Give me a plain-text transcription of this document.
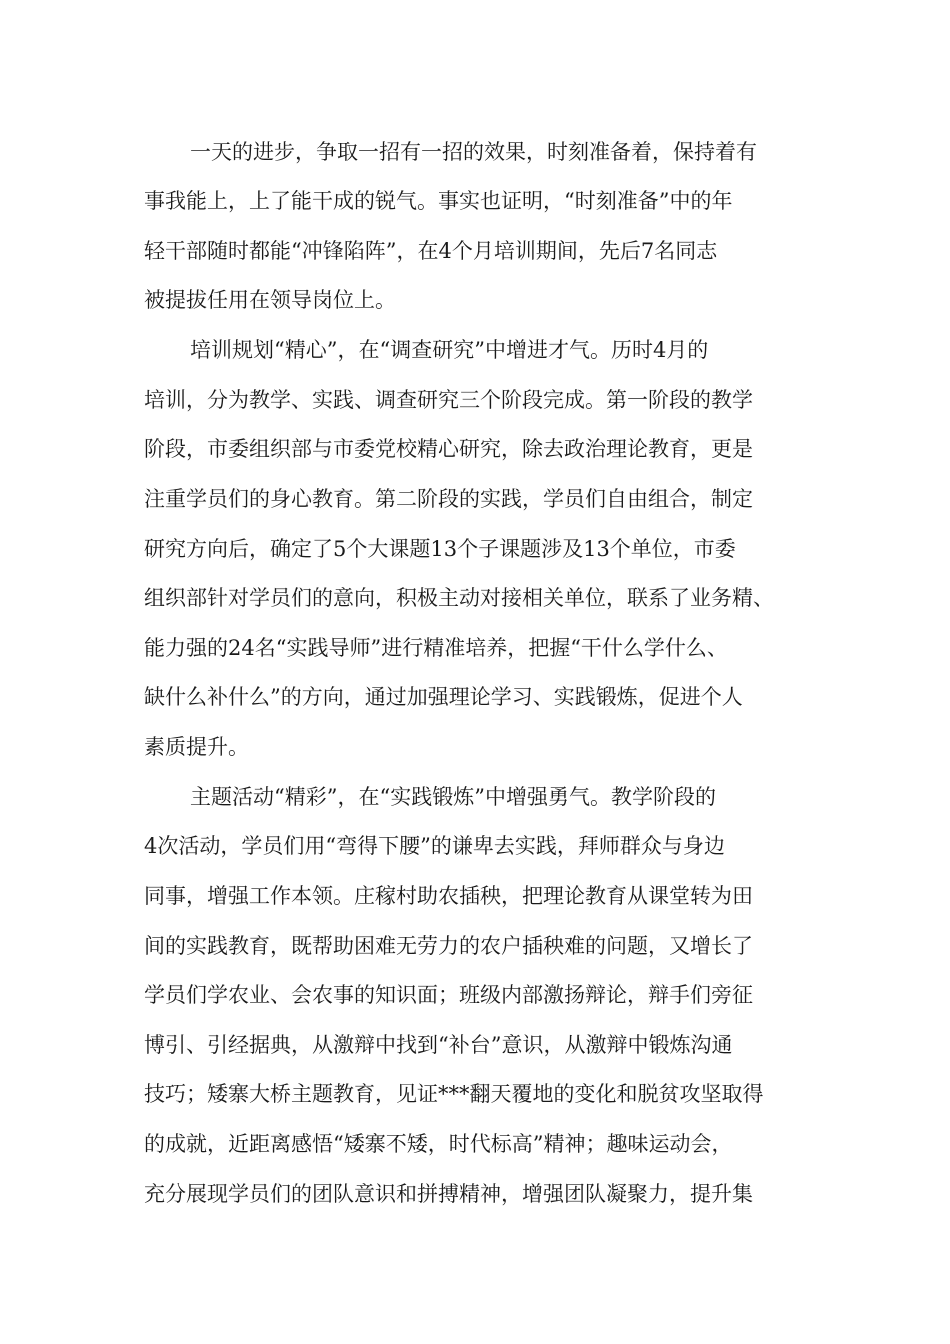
一天的进步，争取一招有一招的效果，时刻准备着，保持着有
事我能上，上了能干成的锐气。事实也证明，“时刻准备”中的年
轻干部随时都能“冲锋陷阵”，在4个月培训期间，先后7名同志
被提拔任用在领导岗位上。
培训规划“精心”，在“调查研究”中增进才气。历时4月的
培训，分为教学、实践、调查研究三个阶段完成。第一阶段的教学
阶段，市委组织部与市委党校精心研究，除去政治理论教育，更是
注重学员们的身心教育。第二阶段的实践，学员们自由组合，制定
研究方向后，确定了5个大课题13个子课题涉及13个单位，市委
组织部针对学员们的意向，积极主动对接相关单位，联系了业务精、
能力强的24名“实践导师”进行精准培养，把握“干什么学什么、
缺什么补什么”的方向，通过加强理论学习、实践锻炼，促进个人
素质提升。
主题活动“精彩”，在“实践锻炼”中增强勇气。教学阶段的
4次活动，学员们用“弯得下腰”的谦卑去实践，拜师群众与身边
同事，增强工作本领。庄稼村助农插秧，把理论教育从课堂转为田
间的实践教育，既帮助困难无劳力的农户插秧难的问题，又增长了
学员们学农业、会农事的知识面；班级内部激扬辩论，辩手们旁征
博引、引经据典，从激辩中找到“补台”意识，从激辩中锻炼沟通
技巧；矮寨大桥主题教育，见证***翻天覆地的变化和脱贫攻坚取得
的成就，近距离感悟“矮寨不矮，时代标高”精神；趣味运动会，
充分展现学员们的团队意识和拼搏精神，增强团队凝聚力，提升集
